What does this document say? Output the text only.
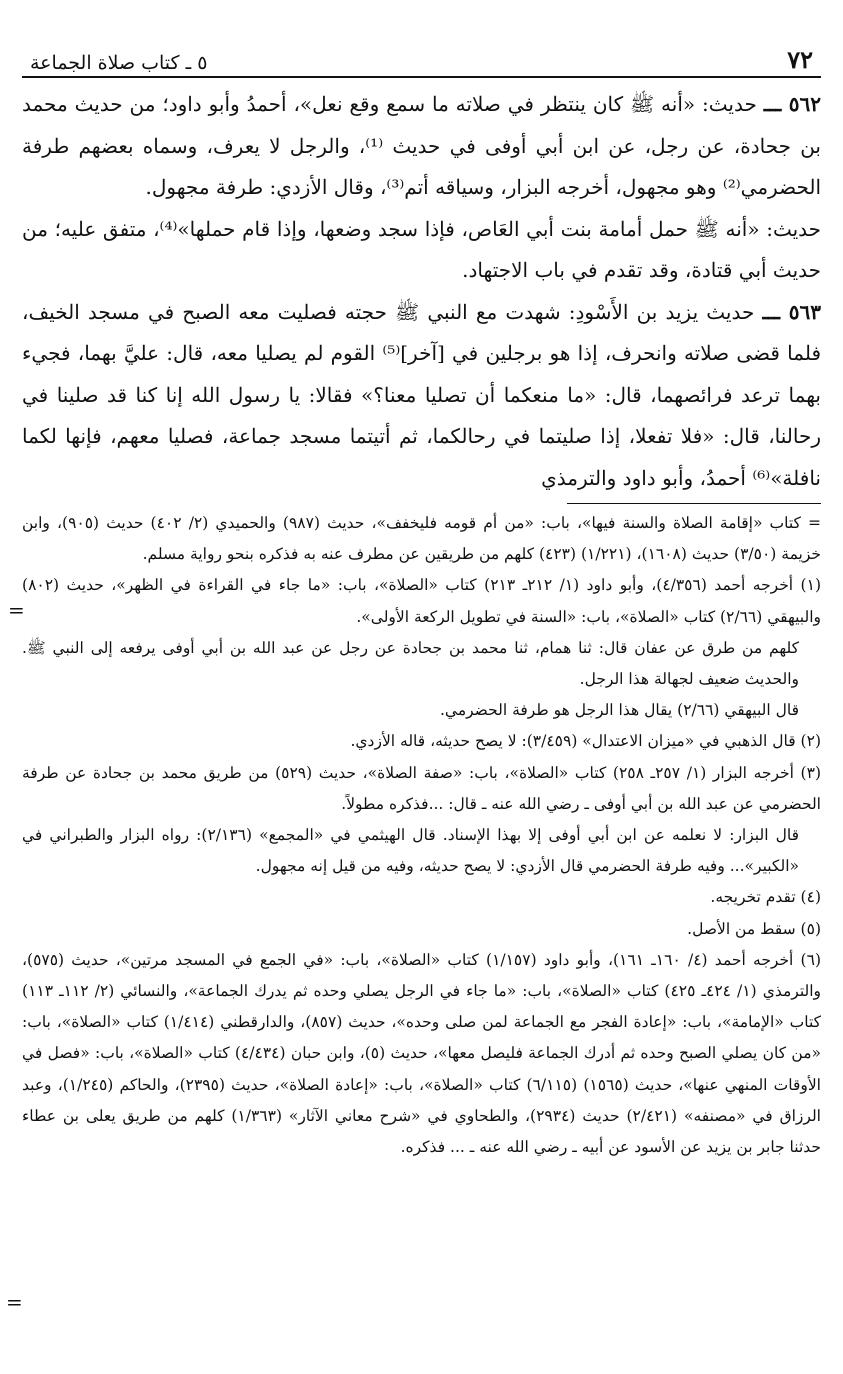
٧٢
٥ ـ كتاب صلاة الجماعة

٥٦٢ ـــ حديث: «أنه ﷺ كان ينتظر في صلاته ما سمع وقع نعل»، أحمدُ وأبو داود؛ من حديث محمد بن جحادة، عن رجل، عن ابن أبي أوفى في حديث ⁽¹⁾، والرجل لا يعرف، وسماه بعضهم طرفة الحضرمي⁽²⁾ وهو مجهول، أخرجه البزار، وسياقه أتم⁽³⁾، وقال الأزدي: طرفة مجهول.

حديث: «أنه ﷺ حمل أمامة بنت أبي العَاص، فإذا سجد وضعها، وإذا قام حملها»⁽⁴⁾، متفق عليه؛ من حديث أبي قتادة، وقد تقدم في باب الاجتهاد.

٥٦٣ ـــ حديث يزيد بن الأَسْودِ: شهدت مع النبي ﷺ حجته فصليت معه الصبح في مسجد الخيف، فلما قضى صلاته وانحرف، إذا هو برجلين في [آخر]⁽⁵⁾ القوم لم يصليا معه، قال: عليَّ بهما، فجيء بهما ترعد فرائصهما، قال: «ما منعكما أن تصليا معنا؟» فقالا: يا رسول الله إنا كنا قد صلينا في رحالنا، قال: «فلا تفعلا، إذا صليتما في رحالكما، ثم أتيتما مسجد جماعة، فصليا معهم، فإنها لكما نافلة»⁽⁶⁾ أحمدُ، وأبو داود والترمذي

= كتاب «إقامة الصلاة والسنة فيها»، باب: «من أم قومه فليخفف»، حديث (٩٨٧) والحميدي (٢/ ٤٠٢) حديث (٩٠٥)، وابن خزيمة (٣/٥٠) حديث (١٦٠٨)، (١/٢٢١) (٤٢٣) كلهم من طريقين عن مطرف عنه به فذكره بنحو رواية مسلم.

(١) أخرجه أحمد (٤/٣٥٦)، وأبو داود (١/ ٢١٢ـ ٢١٣) كتاب «الصلاة»، باب: «ما جاء في القراءة في الظهر»، حديث (٨٠٢) والبيهقي (٢/٦٦) كتاب «الصلاة»، باب: «السنة في تطويل الركعة الأولى».

كلهم من طرق عن عفان قال: ثنا همام، ثنا محمد بن جحادة عن رجل عن عبد الله بن أبي أوفى يرفعه إلى النبي ﷺ. والحديث ضعيف لجهالة هذا الرجل.

قال البيهقي (٢/٦٦) يقال هذا الرجل هو طرفة الحضرمي.

(٢) قال الذهبي في «ميزان الاعتدال» (٣/٤٥٩): لا يصح حديثه، قاله الأزدي.

(٣) أخرجه البزار (١/ ٢٥٧ـ ٢٥٨) كتاب «الصلاة»، باب: «صفة الصلاة»، حديث (٥٢٩) من طريق محمد بن جحادة عن طرفة الحضرمي عن عبد الله بن أبي أوفى ـ رضي الله عنه ـ قال: ...فذكره مطولاً.

قال البزار: لا نعلمه عن ابن أبي أوفى إلا بهذا الإسناد. قال الهيثمي في «المجمع» (٢/١٣٦): رواه البزار والطبراني في «الكبير»... وفيه طرفة الحضرمي قال الأزدي: لا يصح حديثه، وفيه من قيل إنه مجهول.

(٤) تقدم تخريجه.

(٥) سقط من الأصل.

(٦) أخرجه أحمد (٤/ ١٦٠ـ ١٦١)، وأبو داود (١/١٥٧) كتاب «الصلاة»، باب: «في الجمع في المسجد مرتين»، حديث (٥٧٥)، والترمذي (١/ ٤٢٤ـ ٤٢٥) كتاب «الصلاة»، باب: «ما جاء في الرجل يصلي وحده ثم يدرك الجماعة»، والنسائي (٢/ ١١٢ـ ١١٣) كتاب «الإمامة»، باب: «إعادة الفجر مع الجماعة لمن صلى وحده»، حديث (٨٥٧)، والدارقطني (١/٤١٤) كتاب «الصلاة»، باب: «من كان يصلي الصبح وحده ثم أدرك الجماعة فليصل معها»، حديث (٥)، وابن حبان (٤/٤٣٤) كتاب «الصلاة»، باب: «فصل في الأوقات المنهي عنها»، حديث (١٥٦٥) (٦/١١٥) كتاب «الصلاة»، باب: «إعادة الصلاة»، حديث (٢٣٩٥)، والحاكم (١/٢٤٥)، وعبد الرزاق في «مصنفه» (٢/٤٢١) حديث (٢٩٣٤)، والطحاوي في «شرح معاني الآثار» (١/٣٦٣) كلهم من طريق يعلى بن عطاء حدثنا جابر بن يزيد عن الأسود عن أبيه ـ رضي الله عنه ـ ... فذكره.

=
=
